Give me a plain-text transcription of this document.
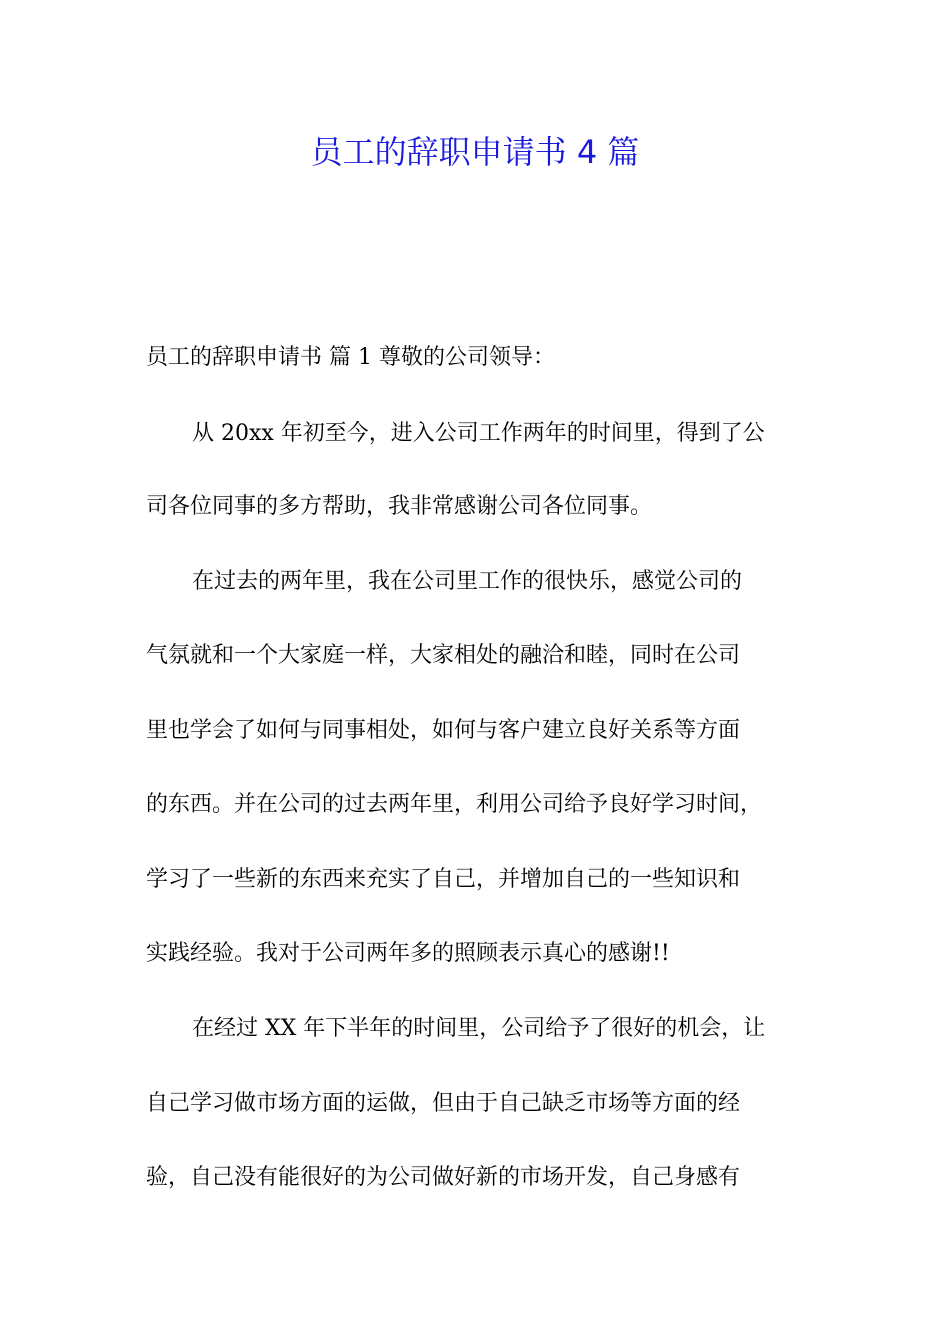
员工的辞职申请书 4 篇

员工的辞职申请书 篇 1 尊敬的公司领导：

从 20xx 年初至今，进入公司工作两年的时间里，得到了公

司各位同事的多方帮助，我非常感谢公司各位同事。

在过去的两年里，我在公司里工作的很快乐，感觉公司的

气氛就和一个大家庭一样，大家相处的融洽和睦，同时在公司

里也学会了如何与同事相处，如何与客户建立良好关系等方面

的东西。并在公司的过去两年里，利用公司给予良好学习时间，

学习了一些新的东西来充实了自己，并增加自己的一些知识和

实践经验。我对于公司两年多的照顾表示真心的感谢!!

在经过 XX 年下半年的时间里，公司给予了很好的机会，让

自己学习做市场方面的运做，但由于自己缺乏市场等方面的经

验，自己没有能很好的为公司做好新的市场开发，自己身感有
